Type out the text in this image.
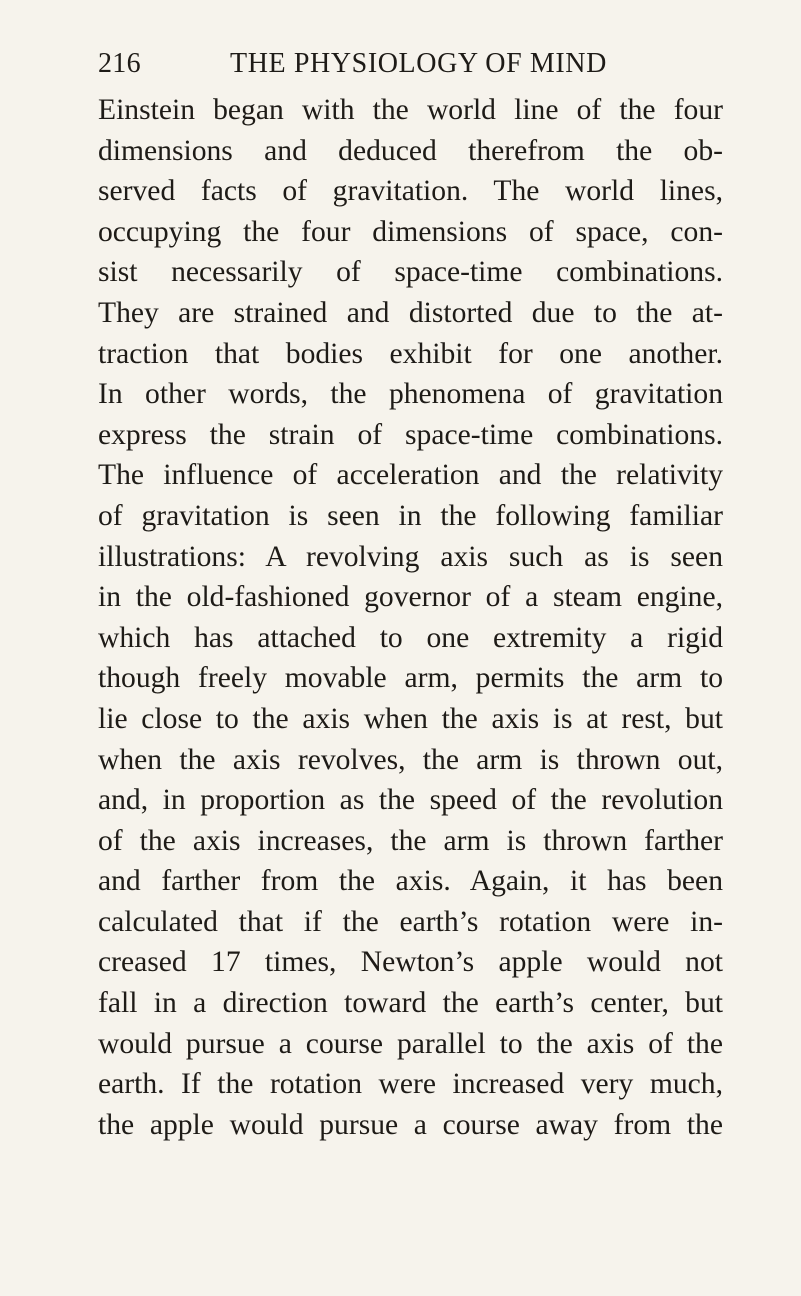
216	THE PHYSIOLOGY OF MIND
Einstein began with the world line of the four
dimensions and deduced therefrom the ob-
served facts of gravitation. The world lines,
occupying the four dimensions of space, con-
sist necessarily of space-time combinations.
They are strained and distorted due to the at-
traction that bodies exhibit for one another.
In other words, the phenomena of gravitation
express the strain of space-time combinations.
The influence of acceleration and the relativity
of gravitation is seen in the following familiar
illustrations: A revolving axis such as is seen
in the old-fashioned governor of a steam engine,
which has attached to one extremity a rigid
though freely movable arm, permits the arm to
lie close to the axis when the axis is at rest, but
when the axis revolves, the arm is thrown out,
and, in proportion as the speed of the revolution
of the axis increases, the arm is thrown farther
and farther from the axis. Again, it has been
calculated that if the earth’s rotation were in-
creased 17 times, Newton’s apple would not
fall in a direction toward the earth’s center, but
would pursue a course parallel to the axis of the
earth. If the rotation were increased very much,
the apple would pursue a course away from the
